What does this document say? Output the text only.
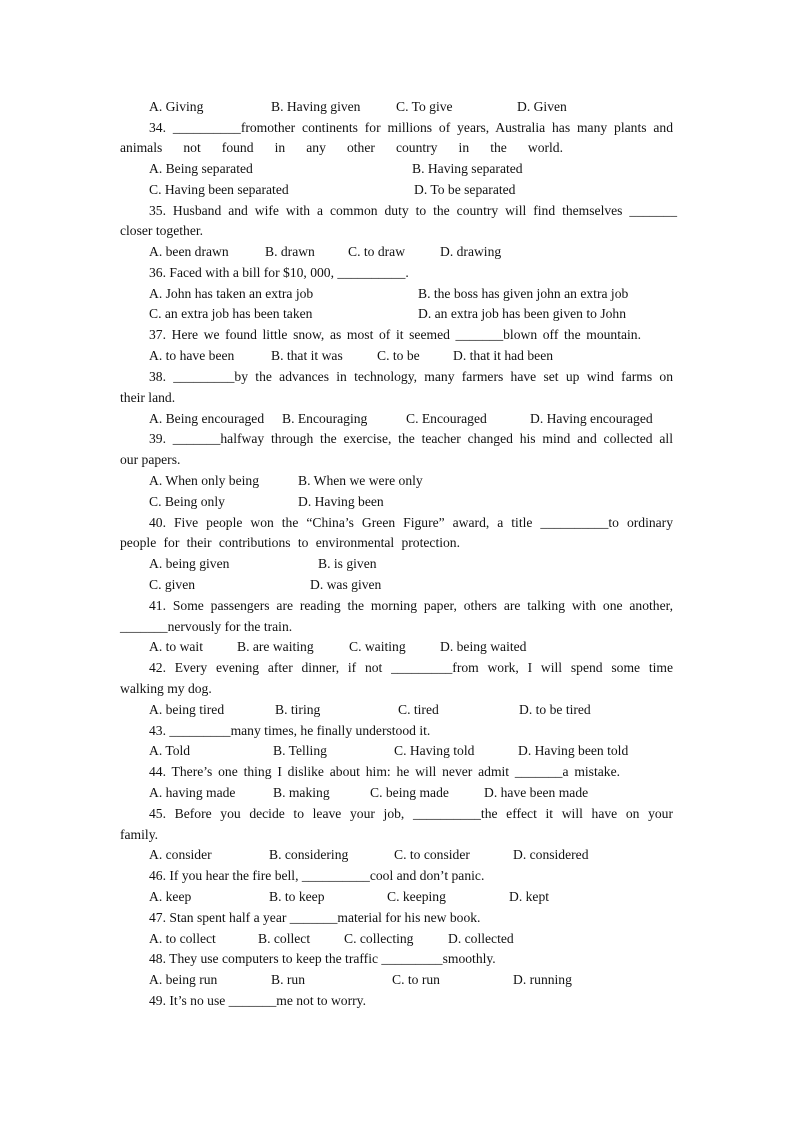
A. Giving	B. Having given	C. To give	D. Given
34. __________fromother continents for millions of years, Australia has many plants and
animals not found in any other country in the world.
A. Being separated	B. Having separated
C. Having been separated	D. To be separated
35. Husband and wife with a common duty to the country will find themselves _______
closer together.
A. been drawn	B. drawn C. to draw	D. drawing
36. Faced with a bill for $10, 000, __________.
A. John has taken an extra job	B. the boss has given john an extra job
C. an extra job has been taken	D. an extra job has been given to John
37. Here we found little snow, as most of it seemed _______blown off the mountain.
A. to have been	B. that it was	C. to be D. that it had been
38. _________by the advances in technology, many farmers have set up wind farms on
their land.
A. Being encouraged B. Encouraging	C. Encouraged	D. Having encouraged
39. _______halfway through the exercise, the teacher changed his mind and collected all
our papers.
A. When only being	B. When we were only
C. Being only	D. Having been
40. Five people won the “China’s Green Figure” award, a title __________to ordinary
people for their contributions to environmental protection.
A. being given	B. is given
C. given	D. was given
41. Some passengers are reading the morning paper, others are talking with one another,
_______nervously for the train.
A. to wait	B. are waiting	C. waiting	D. being waited
42. Every evening after dinner, if not _________from work, I will spend some time
walking my dog.
A. being tired	B. tiring	C. tired	D. to be tired
43. _________many times, he finally understood it.
A. Told	B. Telling	C. Having told	D. Having been told
44. There’s one thing I dislike about him: he will never admit _______a mistake.
A. having made	B. making	C. being made	D. have been made
45. Before you decide to leave your job, __________the effect it will have on your
family.
A. consider	B. considering	C. to consider	D. considered
46. If you hear the fire bell, __________cool and don’t panic.
A. keep	B. to keep	C. keeping	D. kept
47. Stan spent half a year _______material for his new book.
A. to collect	B. collect C. collecting	D. collected
48. They use computers to keep the traffic _________smoothly.
A. being run	B. run	C. to run	D. running
49. It’s no use _______me not to worry.
